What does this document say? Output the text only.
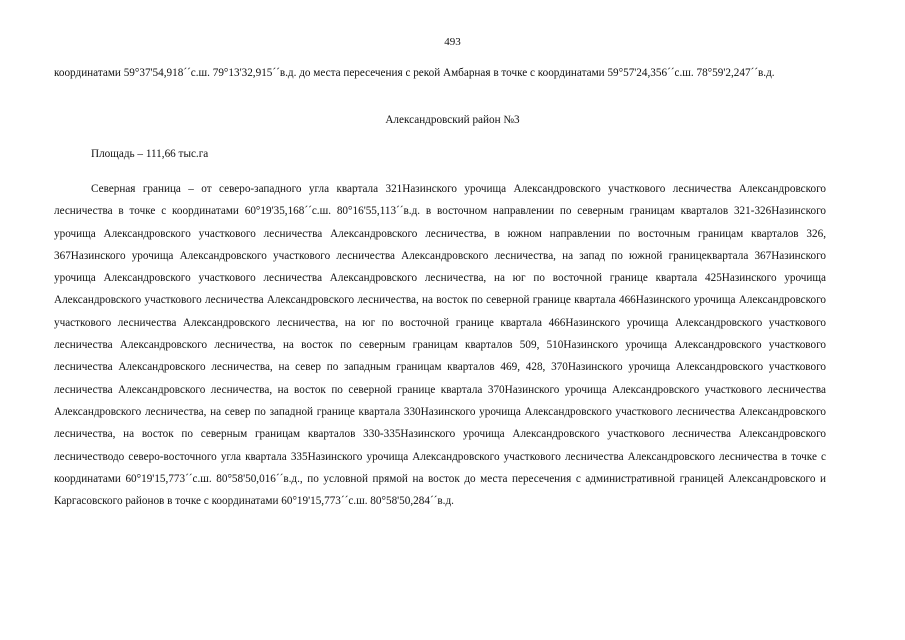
493

координатами 59°37'54,918´´с.ш. 79°13'32,915´´в.д. до места пересечения с рекой Амбарная в точке с координатами 59°57'24,356´´с.ш. 78°59'2,247´´в.д.

Александровский район №3

Площадь – 111,66 тыс.га

Северная граница – от северо-западного угла квартала 321Назинского урочища Александровского участкового лесничества Александровского лесничества в точке с координатами 60°19'35,168´´с.ш. 80°16'55,113´´в.д. в восточном направлении по северным границам кварталов 321-326Назинского урочища Александровского участкового лесничества Александровского лесничества, в южном направлении по восточным границам кварталов 326, 367Назинского урочища Александровского участкового лесничества Александровского лесничества, на запад по южной границеквартала 367Назинского урочища Александровского участкового лесничества Александровского лесничества, на юг по восточной границе квартала 425Назинского урочища Александровского участкового лесничества Александровского лесничества, на восток по северной границе квартала 466Назинского урочища Александровского участкового лесничества Александровского лесничества, на юг по восточной границе квартала 466Назинского урочища Александровского участкового лесничества Александровского лесничества, на восток по северным границам кварталов 509, 510Назинского урочища Александровского участкового лесничества Александровского лесничества, на север по западным границам кварталов 469, 428, 370Назинского урочища Александровского участкового лесничества Александровского лесничества, на восток по северной границе квартала 370Назинского урочища Александровского участкового лесничества Александровского лесничества, на север по западной границе квартала 330Назинского урочища Александровского участкового лесничества Александровского лесничества, на восток по северным границам кварталов 330-335Назинского урочища Александровского участкового лесничества Александровского лесничестводо северо-восточного угла квартала 335Назинского урочища Александровского участкового лесничества Александровского лесничества в точке с координатами 60°19'15,773´´с.ш. 80°58'50,016´´в.д., по условной прямой на восток до места пересечения с административной границей Александровского и Каргасовского районов в точке с координатами 60°19'15,773´´с.ш. 80°58'50,284´´в.д.
